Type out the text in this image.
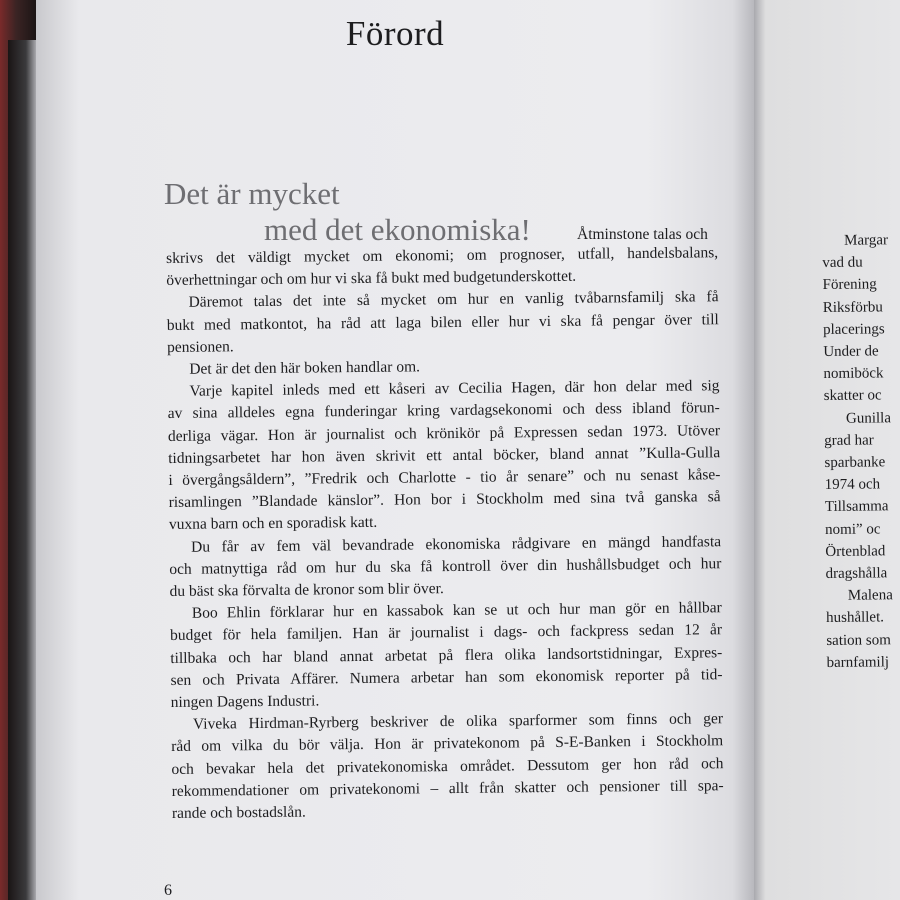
Förord
Det är mycket
med det ekonomiska!	Åtminstone talas och
skrivs det väldigt mycket om ekonomi; om prognoser, utfall, handelsbalans,
överhettningar och om hur vi ska få bukt med budgetunderskottet.
Däremot talas det inte så mycket om hur en vanlig tvåbarnsfamilj ska få
bukt med matkontot, ha råd att laga bilen eller hur vi ska få pengar över till
pensionen.
Det är det den här boken handlar om.
Varje kapitel inleds med ett kåseri av Cecilia Hagen, där hon delar med sig
av sina alldeles egna funderingar kring vardagsekonomi och dess ibland förun-
derliga vägar. Hon är journalist och krönikör på Expressen sedan 1973. Utöver
tidningsarbetet har hon även skrivit ett antal böcker, bland annat ”Kulla-Gulla
i övergångsåldern”, ”Fredrik och Charlotte - tio år senare” och nu senast kåse-
risamlingen ”Blandade känslor”. Hon bor i Stockholm med sina två ganska så
vuxna barn och en sporadisk katt.
Du får av fem väl bevandrade ekonomiska rådgivare en mängd handfasta
och matnyttiga råd om hur du ska få kontroll över din hushållsbudget och hur
du bäst ska förvalta de kronor som blir över.
Boo Ehlin förklarar hur en kassabok kan se ut och hur man gör en hållbar
budget för hela familjen. Han är journalist i dags- och fackpress sedan 12 år
tillbaka och har bland annat arbetat på flera olika landsortstidningar, Expres-
sen och Privata Affärer. Numera arbetar han som ekonomisk reporter på tid-
ningen Dagens Industri.
Viveka Hirdman-Ryrberg beskriver de olika sparformer som finns och ger
råd om vilka du bör välja. Hon är privatekonom på S-E-Banken i Stockholm
och bevakar hela det privatekonomiska området. Dessutom ger hon råd och
rekommendationer om privatekonomi – allt från skatter och pensioner till spa-
rande och bostadslån.
6
Margar
vad du
Förening
Riksförbu
placerings
Under de
nomiböck
skatter oc
Gunilla
grad har
sparbanke
1974 och
Tillsamma
nomi” oc
Örtenblad
dragshålla
Malena
hushållet.
sation som
barnfamilj
